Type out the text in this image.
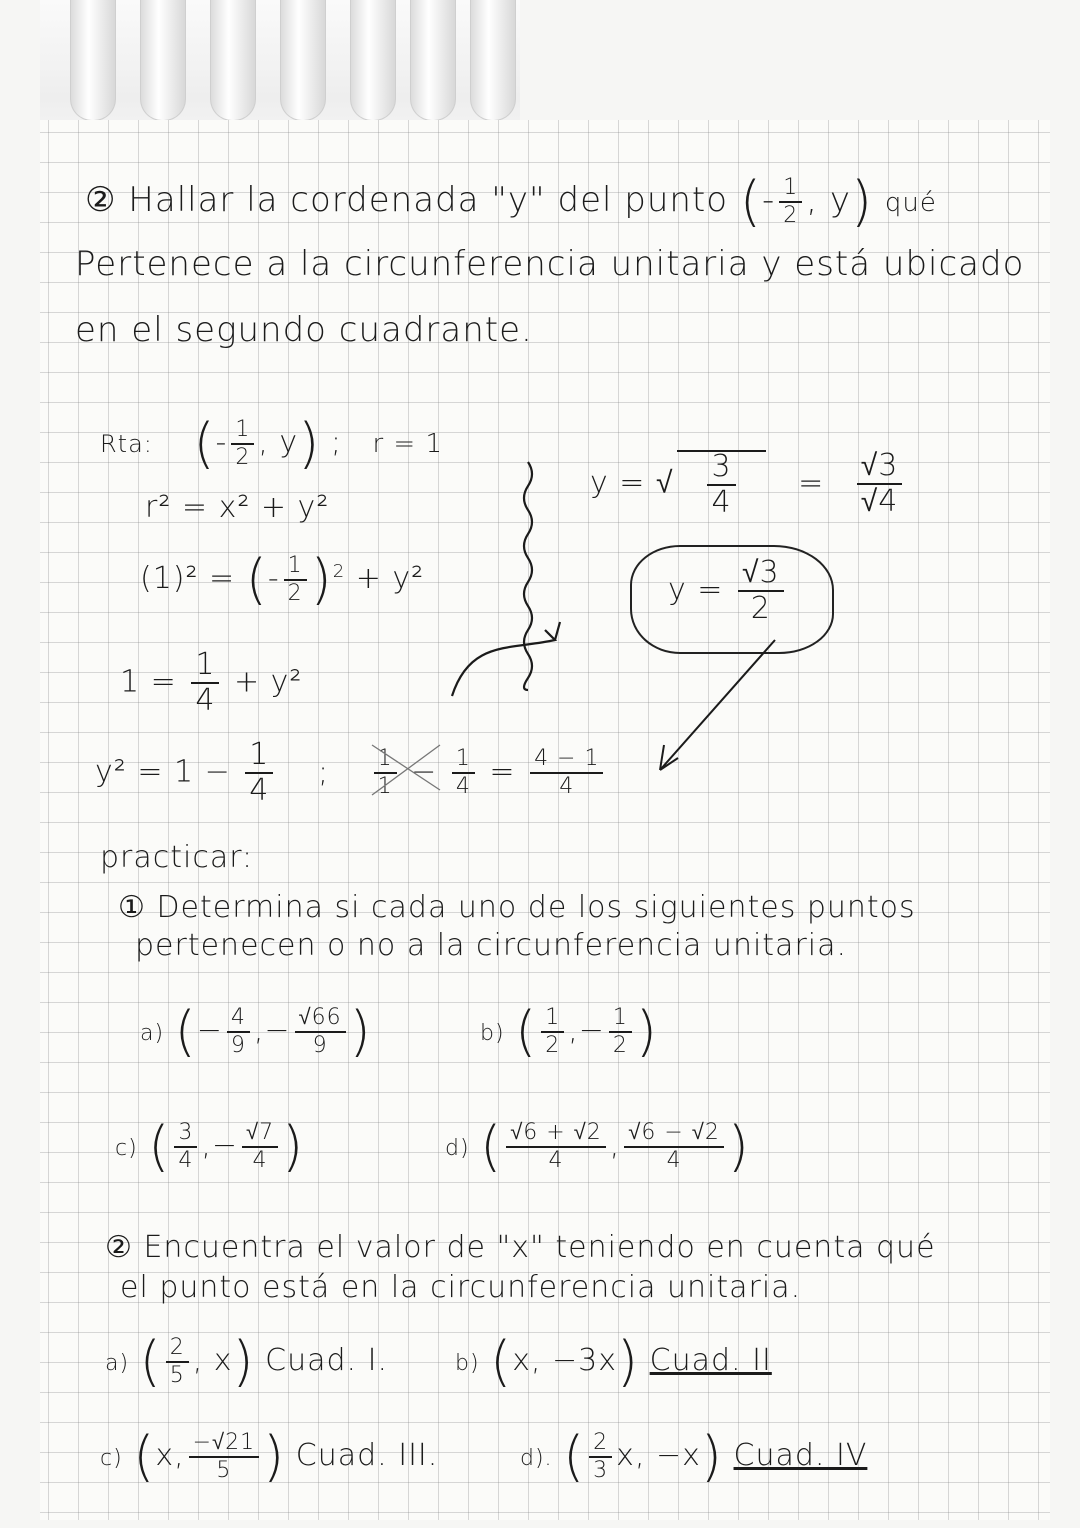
② Hallar la cordenada "y" del punto (- $\frac{1}{2}$ , y) qué
Pertenece a la circunferencia unitaria y está ubicado
en el segundo cuadrante.
Rta: (- $\frac{1}{2}$ , y) ; r = 1
r² = x² + y²
(1)² = (- $\frac{1}{2} )^2 + y^2$
$1 = \frac{1}{4} + y^2$
$y^2 = 1 - \frac{1}{4}$ ; $\frac{1}{1} - \frac{1}{4} = \frac{4 - 1}{4}$
y = √ $\frac{3}{4} = \frac{√3}{√4}$
$y = \frac{√3}{2}$
practicar:
① Determina si cada uno de los siguientes puntos
pertenecen o no a la circunferencia unitaria.
a) (− $\frac{4}{9}$ ,− $\frac{√66}{9}$ )	b) ( $\frac{1}{2}$ ,− $\frac{1}{2}$ )
c) ( $\frac{3}{4}$ ,− $\frac{√7}{4}$ )	d) ( $\frac{√6 + √2}{4}$ , $\frac{√6 - √2}{4}$ )
② Encuentra el valor de "x" teniendo en cuenta qué
el punto está en la circunferencia unitaria.
a) ( $\frac{2}{5}$ , x) Cuad. I.	b) (x, −3x) Cuad. II
c) (x, $\frac{-√21}{5}$ ) Cuad. III.	d). ( $\frac{2}{3} x$, −x) Cuad. IV
